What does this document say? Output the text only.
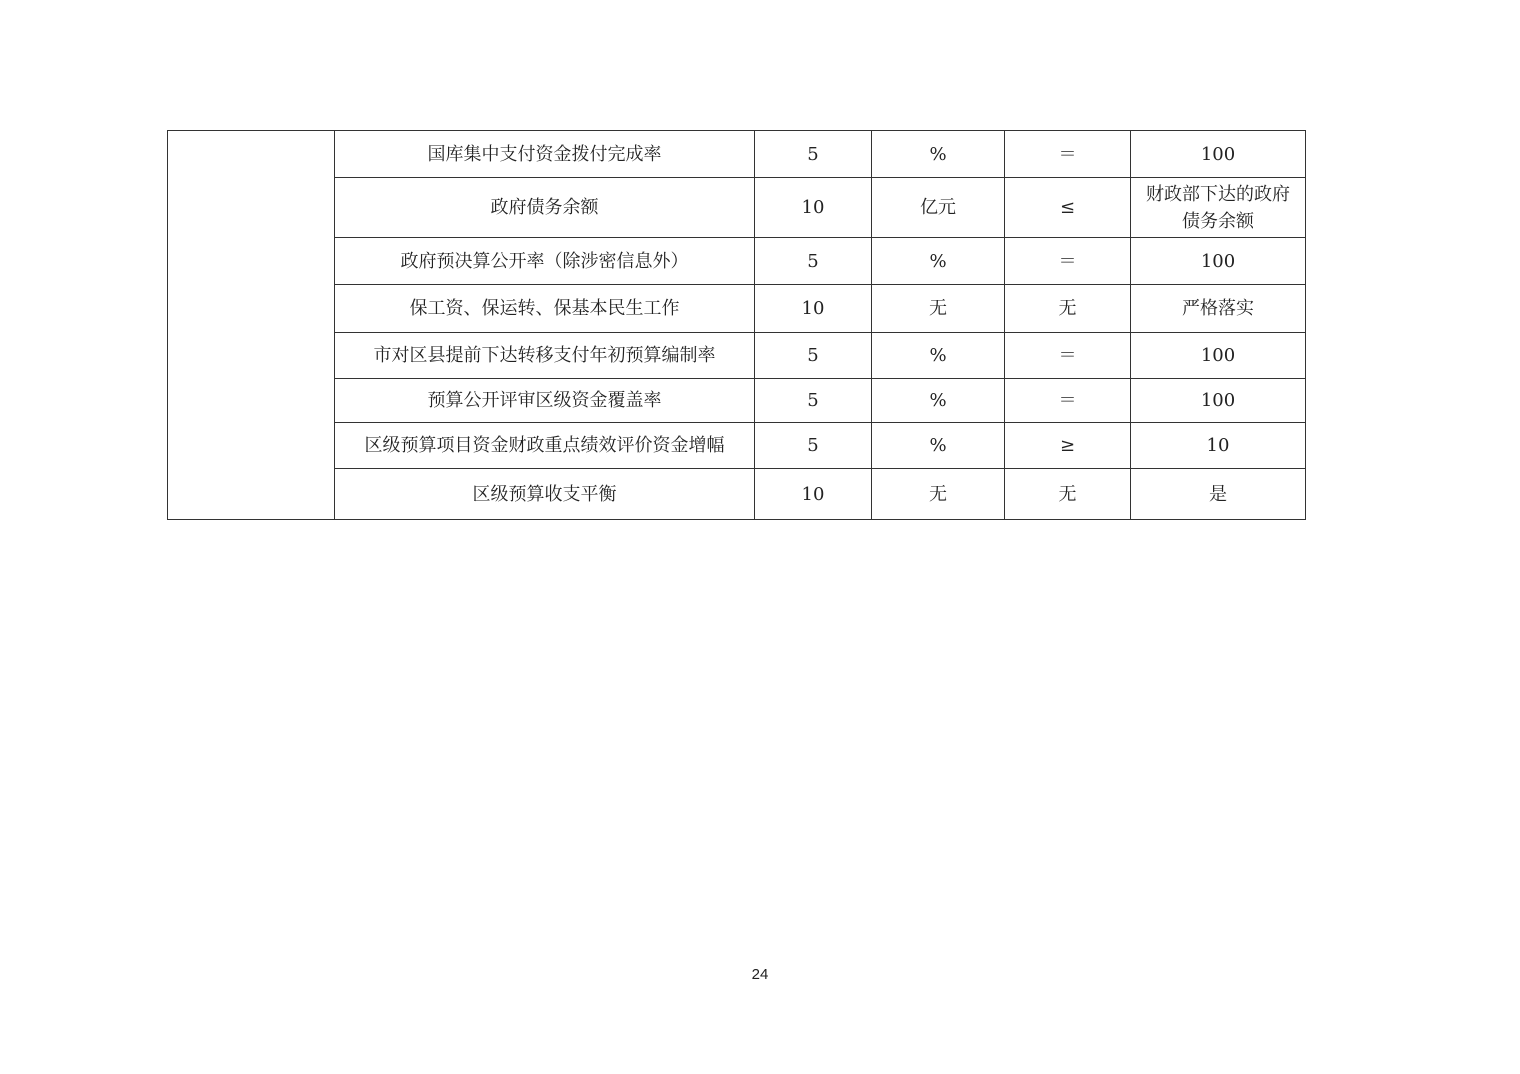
	国库集中支付资金拨付完成率	5	%	＝	100
	政府债务余额	10	亿元	≤	财政部下达的政府债务余额
	政府预决算公开率（除涉密信息外）	5	%	＝	100
	保工资、保运转、保基本民生工作	10	无	无	严格落实
	市对区县提前下达转移支付年初预算编制率	5	%	＝	100
	预算公开评审区级资金覆盖率	5	%	＝	100
	区级预算项目资金财政重点绩效评价资金增幅	5	%	≥	10
	区级预算收支平衡	10	无	无	是
24
